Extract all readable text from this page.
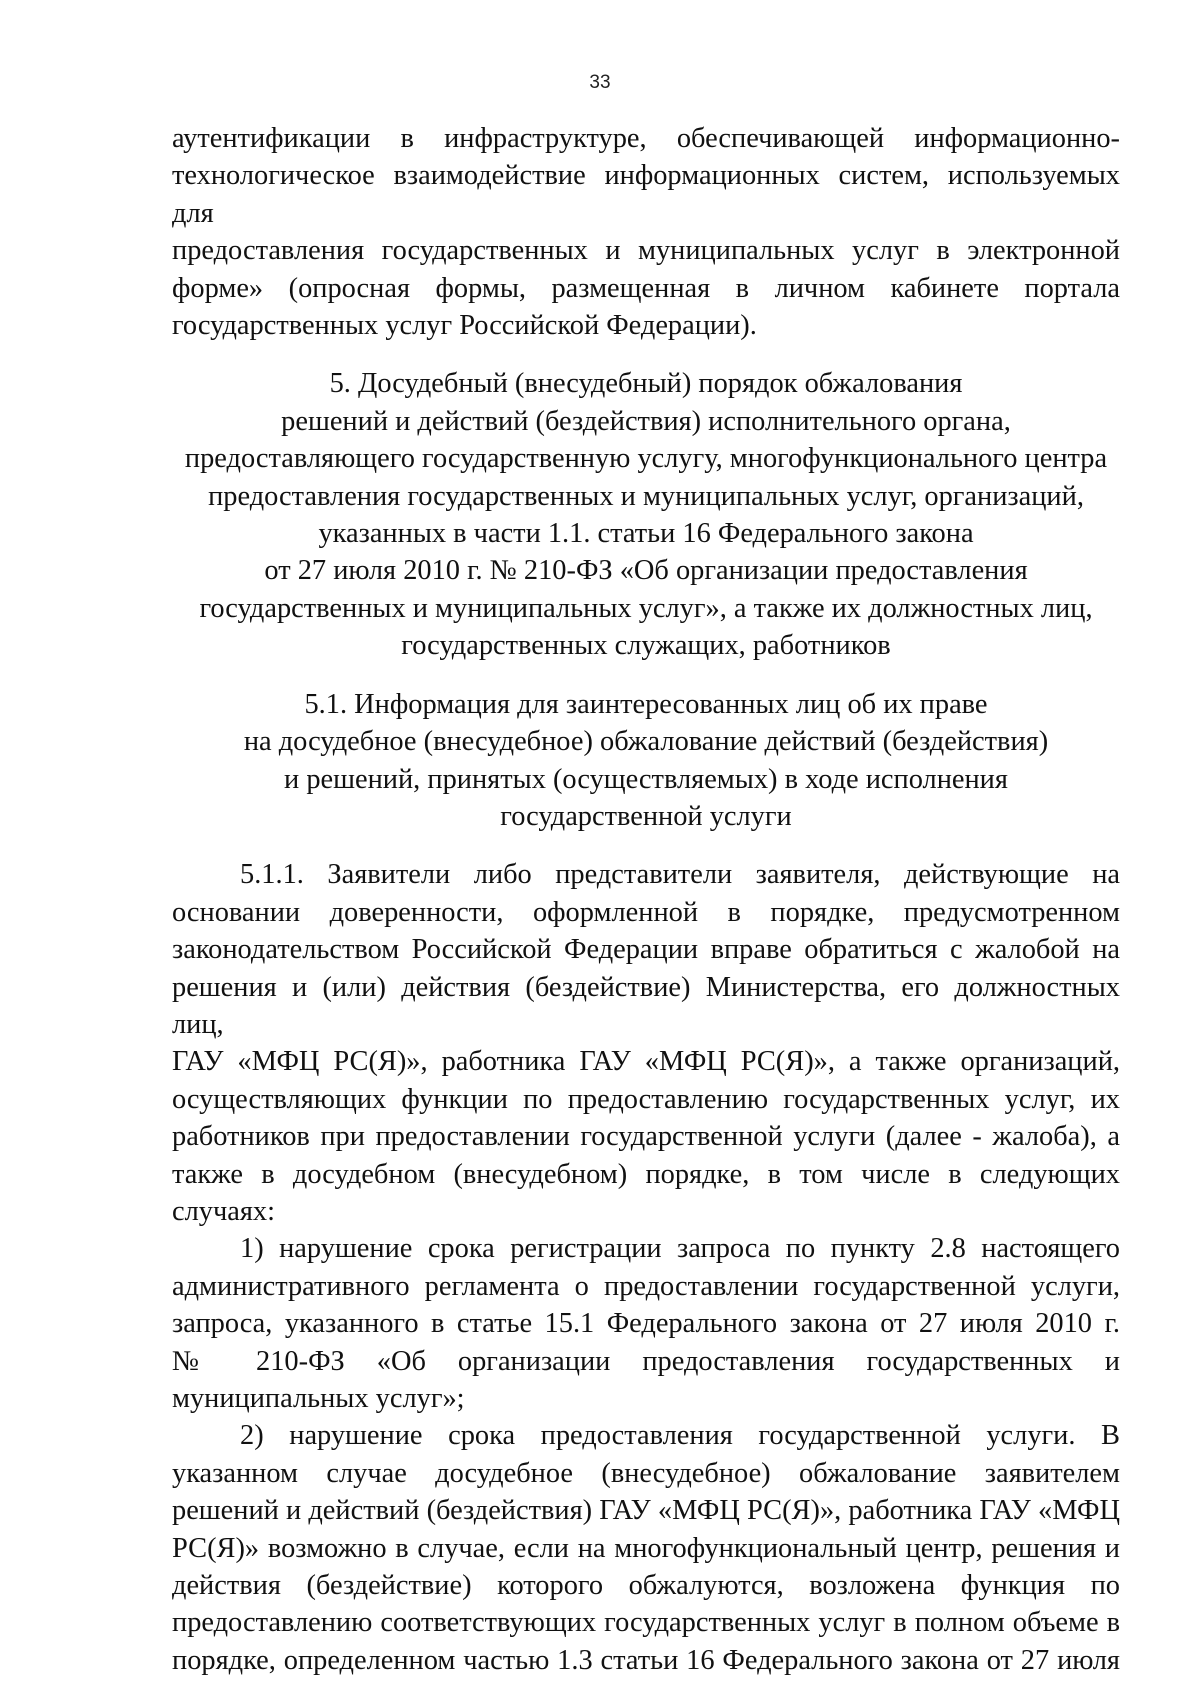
33
аутентификации в инфраструктуре, обеспечивающей информационно-
технологическое взаимодействие информационных систем, используемых для
предоставления государственных и муниципальных услуг в электронной
форме» (опросная формы, размещенная в личном кабинете портала
государственных услуг Российской Федерации).
5. Досудебный (внесудебный) порядок обжалования
решений и действий (бездействия) исполнительного органа,
предоставляющего государственную услугу, многофункционального центра
предоставления государственных и муниципальных услуг, организаций,
указанных в части 1.1. статьи 16 Федерального закона
от 27 июля 2010 г. № 210-ФЗ «Об организации предоставления
государственных и муниципальных услуг», а также их должностных лиц,
государственных служащих, работников
5.1. Информация для заинтересованных лиц об их праве
на досудебное (внесудебное) обжалование действий (бездействия)
и решений, принятых (осуществляемых) в ходе исполнения
государственной услуги
5.1.1. Заявители либо представители заявителя, действующие на
основании доверенности, оформленной в порядке, предусмотренном
законодательством Российской Федерации вправе обратиться с жалобой на
решения и (или) действия (бездействие) Министерства, его должностных лиц,
ГАУ «МФЦ РС(Я)», работника ГАУ «МФЦ РС(Я)», а также организаций,
осуществляющих функции по предоставлению государственных услуг, их
работников при предоставлении государственной услуги (далее - жалоба), а
также в досудебном (внесудебном) порядке, в том числе в следующих случаях:
1) нарушение срока регистрации запроса по пункту 2.8 настоящего
административного регламента о предоставлении государственной услуги,
запроса, указанного в статье 15.1 Федерального закона от 27 июля 2010 г.
№ 210-ФЗ «Об организации предоставления государственных и
муниципальных услуг»;
2) нарушение срока предоставления государственной услуги. В
указанном случае досудебное (внесудебное) обжалование заявителем
решений и действий (бездействия) ГАУ «МФЦ РС(Я)», работника ГАУ «МФЦ
РС(Я)» возможно в случае, если на многофункциональный центр, решения и
действия (бездействие) которого обжалуются, возложена функция по
предоставлению соответствующих государственных услуг в полном объеме в
порядке, определенном частью 1.3 статьи 16 Федерального закона от 27 июля
